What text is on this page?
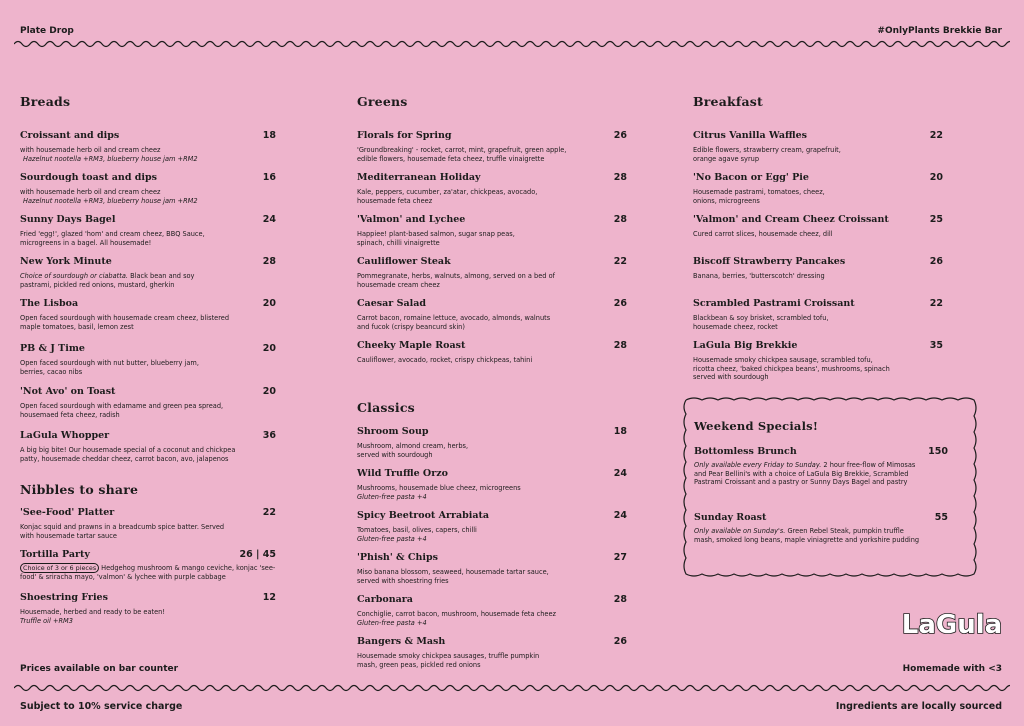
Plate Drop	#OnlyPlants Brekkie Bar
Breads	Greens	Breakfast
Nibbles to share
Classics
Croissant and dips	18
with housemade herb oil and cream cheez
Hazelnut nootella +RM3, blueberry house jam +RM2
Sourdough toast and dips	16
with housemade herb oil and cream cheez
Hazelnut nootella +RM3, blueberry house jam +RM2
Sunny Days Bagel	24
Fried 'egg!', glazed 'hom' and cream cheez, BBQ Sauce, microgreens in a bagel. All housemade!
New York Minute	28
Choice of sourdough or ciabatta. Black bean and soy pastrami, pickled red onions, mustard, gherkin
The Lisboa	20
Open faced sourdough with housemade cream cheez, blistered maple tomatoes, basil, lemon zest
PB & J Time	20
Open faced sourdough with nut butter, blueberry jam, berries, cacao nibs
'Not Avo' on Toast	20
Open faced sourdough with edamame and green pea spread, housemaed feta cheez, radish
LaGula Whopper	36
A big big bite! Our housemade special of a coconut and chickpea patty, housemade cheddar cheez, carrot bacon, avo, jalapenos
'See-Food' Platter	22
Konjac squid and prawns in a breadcumb spice batter. Served with housemade tartar sauce
Tortilla Party	26 | 45
Choice of 3 or 6 pieces Hedgehog mushroom & mango ceviche, konjac 'see-food' & sriracha mayo, 'valmon' & lychee with purple cabbage
Shoestring Fries	12
Housemade, herbed and ready to be eaten!
Truffle oil +RM3
Florals for Spring	26
'Groundbreaking' - rocket, carrot, mint, grapefruit, green apple, edible flowers, housemade feta cheez, truffle vinaigrette
Mediterranean Holiday	28
Kale, peppers, cucumber, za'atar, chickpeas, avocado, housemade feta cheez
'Valmon' and Lychee	28
Happiee! plant-based salmon, sugar snap peas, spinach, chilli vinaigrette
Cauliflower Steak	22
Pommegranate, herbs, walnuts, almong, served on a bed of housemade cream cheez
Caesar Salad	26
Carrot bacon, romaine lettuce, avocado, almonds, walnuts and fucok (crispy beancurd skin)
Cheeky Maple Roast	28
Cauliflower, avocado, rocket, crispy chickpeas, tahini
Shroom Soup	18
Mushroom, almond cream, herbs, served with sourdough
Wild Truffle Orzo	24
Mushrooms, housemade blue cheez, microgreens
Gluten-free pasta +4
Spicy Beetroot Arrabiata	24
Tomatoes, basil, olives, capers, chilli
Gluten-free pasta +4
'Phish' & Chips	27
Miso banana blossom, seaweed, housemade tartar sauce, served with shoestring fries
Carbonara	28
Conchiglie, carrot bacon, mushroom, housemade feta cheez
Gluten-free pasta +4
Bangers & Mash	26
Housemade smoky chickpea sausages, truffle pumpkin mash, green peas, pickled red onions
Citrus Vanilla Waffles	22
Edible flowers, strawberry cream, grapefruit, orange agave syrup
'No Bacon or Egg' Pie	20
Housemade pastrami, tomatoes, cheez, onions, microgreens
'Valmon' and Cream Cheez Croissant	25
Cured carrot slices, housemade cheez, dill
Biscoff Strawberry Pancakes	26
Banana, berries, 'butterscotch' dressing
Scrambled Pastrami Croissant	22
Blackbean & soy brisket, scrambled tofu, housemade cheez, rocket
LaGula Big Brekkie	35
Housemade smoky chickpea sausage, scrambled tofu, ricotta cheez, 'baked chickpea beans', mushrooms, spinach served with sourdough
Weekend Specials!
Bottomless Brunch	150
Only available every Friday to Sunday. 2 hour free-flow of Mimosas and Pear Bellini's with a choice of LaGula Big Brekkie, Scrambled Pastrami Croissant and a pastry or Sunny Days Bagel and pastry
Sunday Roast	55
Only available on Sunday's. Green Rebel Steak, pumpkin truffle mash, smoked long beans, maple viniagrette and yorkshire pudding
LaGula
Prices available on bar counter	Homemade with <3
Subject to 10% service charge	Ingredients are locally sourced
